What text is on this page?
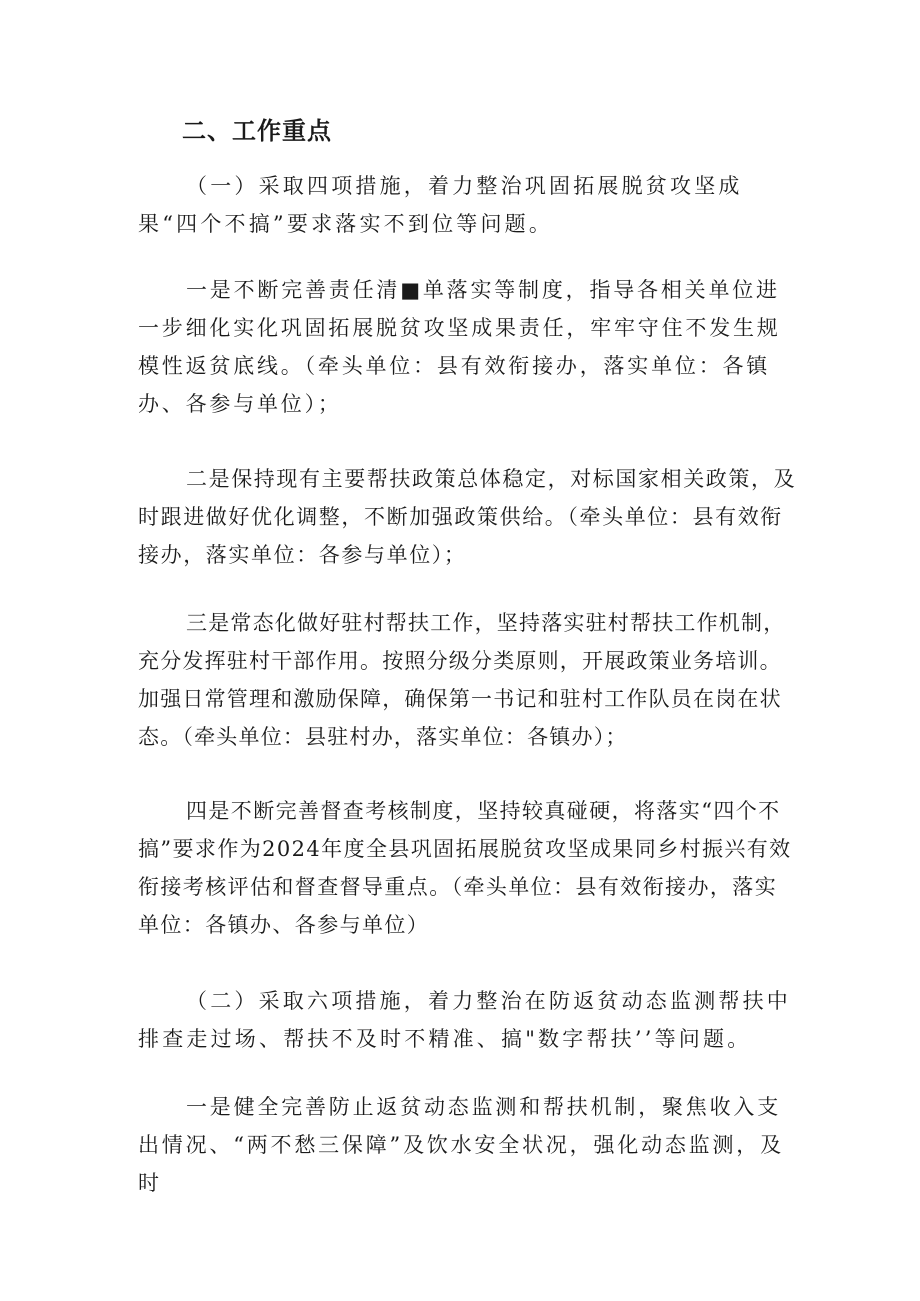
二、工作重点

（一）采取四项措施，着力整治巩固拓展脱贫攻坚成果“四个不搞”要求落实不到位等问题。

一是不断完善责任清■单落实等制度，指导各相关单位进一步细化实化巩固拓展脱贫攻坚成果责任，牢牢守住不发生规模性返贫底线。（牵头单位：县有效衔接办，落实单位：各镇办、各参与单位）；

二是保持现有主要帮扶政策总体稳定，对标国家相关政策，及时跟进做好优化调整，不断加强政策供给。（牵头单位：县有效衔接办，落实单位：各参与单位）；

三是常态化做好驻村帮扶工作，坚持落实驻村帮扶工作机制，充分发挥驻村干部作用。按照分级分类原则，开展政策业务培训。加强日常管理和激励保障，确保第一书记和驻村工作队员在岗在状态。（牵头单位：县驻村办，落实单位：各镇办）；

四是不断完善督查考核制度，坚持较真碰硬，将落实“四个不搞”要求作为2024年度全县巩固拓展脱贫攻坚成果同乡村振兴有效衔接考核评估和督查督导重点。（牵头单位：县有效衔接办，落实单位：各镇办、各参与单位）

（二）采取六项措施，着力整治在防返贫动态监测帮扶中排查走过场、帮扶不及时不精准、搞"数字帮扶’’等问题。

一是健全完善防止返贫动态监测和帮扶机制，聚焦收入支出情况、“两不愁三保障”及饮水安全状况，强化动态监测，及时
